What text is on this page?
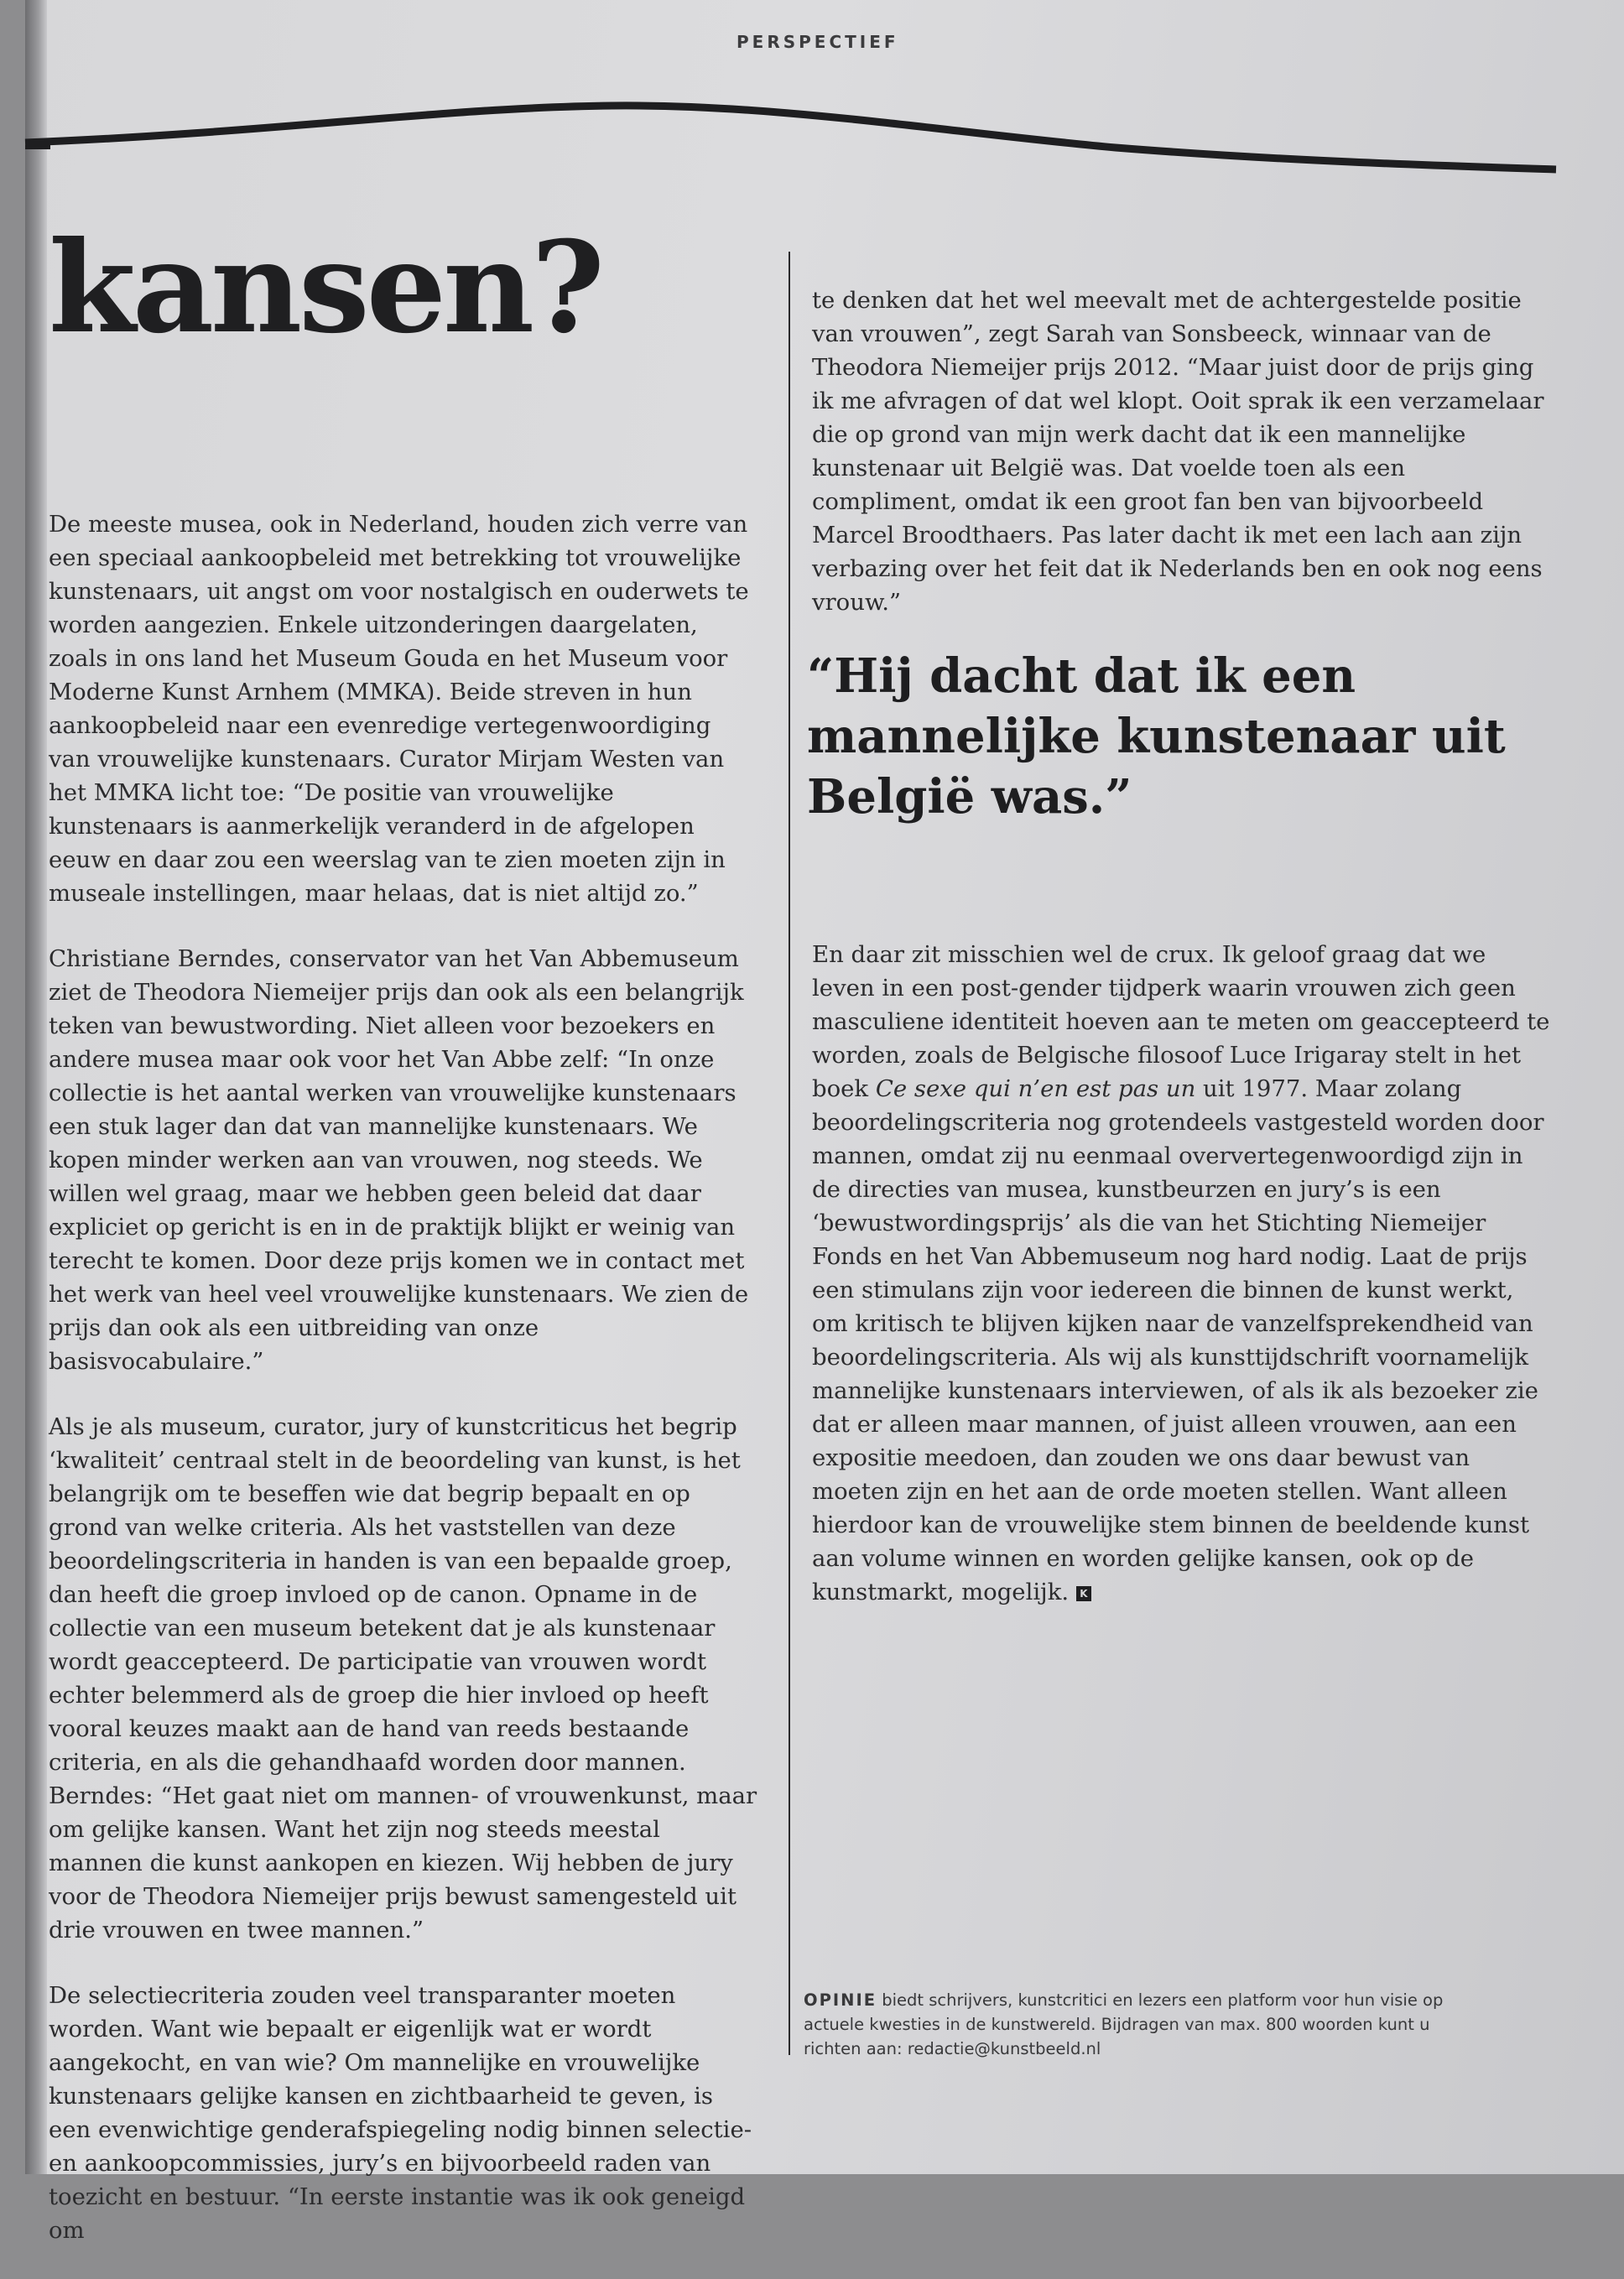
PERSPECTIEF
kansen?

De meeste musea, ook in Nederland, houden zich verre van een speciaal aankoopbeleid met betrekking tot vrouwelijke kunstenaars, uit angst om voor nostalgisch en ouderwets te worden aangezien. Enkele uitzonderingen daargelaten, zoals in ons land het Museum Gouda en het Museum voor Moderne Kunst Arnhem (MMKA). Beide streven in hun aankoopbeleid naar een evenredige vertegenwoordiging van vrouwelijke kunstenaars. Curator Mirjam Westen van het MMKA licht toe: “De positie van vrouwelijke kunstenaars is aanmerkelijk veranderd in de afgelopen eeuw en daar zou een weerslag van te zien moeten zijn in museale instellingen, maar helaas, dat is niet altijd zo.”

Christiane Berndes, conservator van het Van Abbemuseum ziet de Theodora Niemeijer prijs dan ook als een belangrijk teken van bewustwording. Niet alleen voor bezoekers en andere musea maar ook voor het Van Abbe zelf: “In onze collectie is het aantal werken van vrouwelijke kunstenaars een stuk lager dan dat van mannelijke kunstenaars. We kopen minder werken aan van vrouwen, nog steeds. We willen wel graag, maar we hebben geen beleid dat daar expliciet op gericht is en in de praktijk blijkt er weinig van terecht te komen. Door deze prijs komen we in contact met het werk van heel veel vrouwelijke kunstenaars. We zien de prijs dan ook als een uitbreiding van onze basisvocabulaire.”

Als je als museum, curator, jury of kunstcriticus het begrip ‘kwaliteit’ centraal stelt in de beoordeling van kunst, is het belangrijk om te beseffen wie dat begrip bepaalt en op grond van welke criteria. Als het vaststellen van deze beoordelingscriteria in handen is van een bepaalde groep, dan heeft die groep invloed op de canon. Opname in de collectie van een museum betekent dat je als kunstenaar wordt geaccepteerd. De participatie van vrouwen wordt echter belemmerd als de groep die hier invloed op heeft vooral keuzes maakt aan de hand van reeds bestaande criteria, en als die gehandhaafd worden door mannen. Berndes: “Het gaat niet om mannen- of vrouwenkunst, maar om gelijke kansen. Want het zijn nog steeds meestal mannen die kunst aankopen en kiezen. Wij hebben de jury voor de Theodora Niemeijer prijs bewust samengesteld uit drie vrouwen en twee mannen.”

De selectiecriteria zouden veel transparanter moeten worden. Want wie bepaalt er eigenlijk wat er wordt aangekocht, en van wie? Om mannelijke en vrouwelijke kunstenaars gelijke kansen en zichtbaarheid te geven, is een evenwichtige genderafspiegeling nodig binnen selectie- en aankoopcommissies, jury’s en bijvoorbeeld raden van toezicht en bestuur. “In eerste instantie was ik ook geneigd om

te denken dat het wel meevalt met de achtergestelde positie van vrouwen”, zegt Sarah van Sonsbeeck, winnaar van de Theodora Niemeijer prijs 2012. “Maar juist door de prijs ging ik me afvragen of dat wel klopt. Ooit sprak ik een verzamelaar die op grond van mijn werk dacht dat ik een mannelijke kunstenaar uit België was. Dat voelde toen als een compliment, omdat ik een groot fan ben van bijvoorbeeld Marcel Broodthaers. Pas later dacht ik met een lach aan zijn verbazing over het feit dat ik Nederlands ben en ook nog eens vrouw.”

“Hij dacht dat ik een mannelijke kunstenaar uit België was.”

En daar zit misschien wel de crux. Ik geloof graag dat we leven in een post-gender tijdperk waarin vrouwen zich geen masculiene identiteit hoeven aan te meten om geaccepteerd te worden, zoals de Belgische filosoof Luce Irigaray stelt in het boek Ce sexe qui n’en est pas un uit 1977. Maar zolang beoordelingscriteria nog grotendeels vastgesteld worden door mannen, omdat zij nu eenmaal oververtegenwoordigd zijn in de directies van musea, kunstbeurzen en jury’s is een ‘bewustwordingsprijs’ als die van het Stichting Niemeijer Fonds en het Van Abbemuseum nog hard nodig. Laat de prijs een stimulans zijn voor iedereen die binnen de kunst werkt, om kritisch te blijven kijken naar de vanzelfsprekendheid van beoordelingscriteria. Als wij als kunsttijdschrift voornamelijk mannelijke kunstenaars interviewen, of als ik als bezoeker zie dat er alleen maar mannen, of juist alleen vrouwen, aan een expositie meedoen, dan zouden we ons daar bewust van moeten zijn en het aan de orde moeten stellen. Want alleen hierdoor kan de vrouwelijke stem binnen de beeldende kunst aan volume winnen en worden gelijke kansen, ook op de kunstmarkt, mogelijk. K

OPINIE biedt schrijvers, kunstcritici en lezers een platform voor hun visie op actuele kwesties in de kunstwereld. Bijdragen van max. 800 woorden kunt u richten aan: redactie@kunstbeeld.nl
